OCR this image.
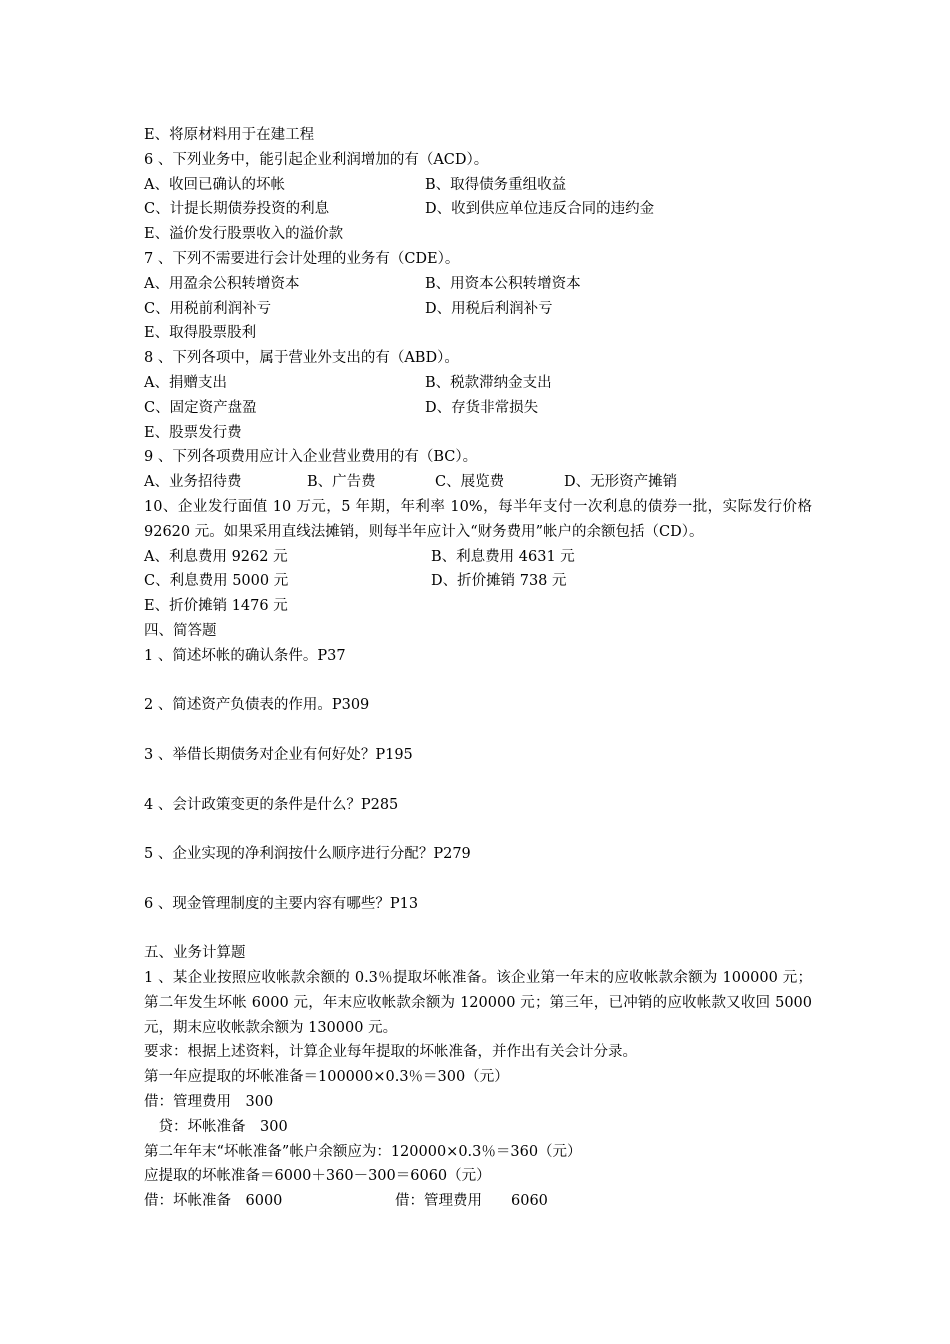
E、将原材料用于在建工程
6 、下列业务中，能引起企业利润增加的有（ACD）。
A、收回已确认的坏帐	B、取得债务重组收益
C、计提长期债券投资的利息	D、收到供应单位违反合同的违约金
E、溢价发行股票收入的溢价款
7 、下列不需要进行会计处理的业务有（CDE）。
A、用盈余公积转增资本	B、用资本公积转增资本
C、用税前利润补亏	D、用税后利润补亏
E、取得股票股利
8 、下列各项中，属于营业外支出的有（ABD）。
A、捐赠支出	B、税款滞纳金支出
C、固定资产盘盈	D、存货非常损失
E、股票发行费
9 、下列各项费用应计入企业营业费用的有（BC）。
A、业务招待费	B、广告费	C、展览费	D、无形资产摊销
10、企业发行面值 10 万元，5 年期，年利率 10%，每半年支付一次利息的债券一批，实际发行价格 92620 元。如果采用直线法摊销，则每半年应计入“财务费用”帐户的余额包括（CD）。
A、利息费用 9262 元	B、利息费用 4631 元
C、利息费用 5000 元	D、折价摊销 738 元
E、折价摊销 1476 元
四、简答题
1 、简述坏帐的确认条件。P37
2 、简述资产负债表的作用。P309
3 、举借长期债务对企业有何好处？P195
4 、会计政策变更的条件是什么？P285
5 、企业实现的净利润按什么顺序进行分配？P279
6 、现金管理制度的主要内容有哪些？P13
五、业务计算题
1 、某企业按照应收帐款余额的 0.3％提取坏帐准备。该企业第一年末的应收帐款余额为 100000 元；第二年发生坏帐 6000 元，年末应收帐款余额为 120000 元；第三年，已冲销的应收帐款又收回 5000 元，期末应收帐款余额为 130000 元。
要求：根据上述资料，计算企业每年提取的坏帐准备，并作出有关会计分录。
第一年应提取的坏帐准备＝100000×0.3％＝300（元）
借：管理费用　300
　贷：坏帐准备　300
第二年年末“坏帐准备”帐户余额应为：120000×0.3％＝360（元）
应提取的坏帐准备＝6000＋360－300＝6060（元）
借：坏帐准备　6000	借：管理费用　　6060
